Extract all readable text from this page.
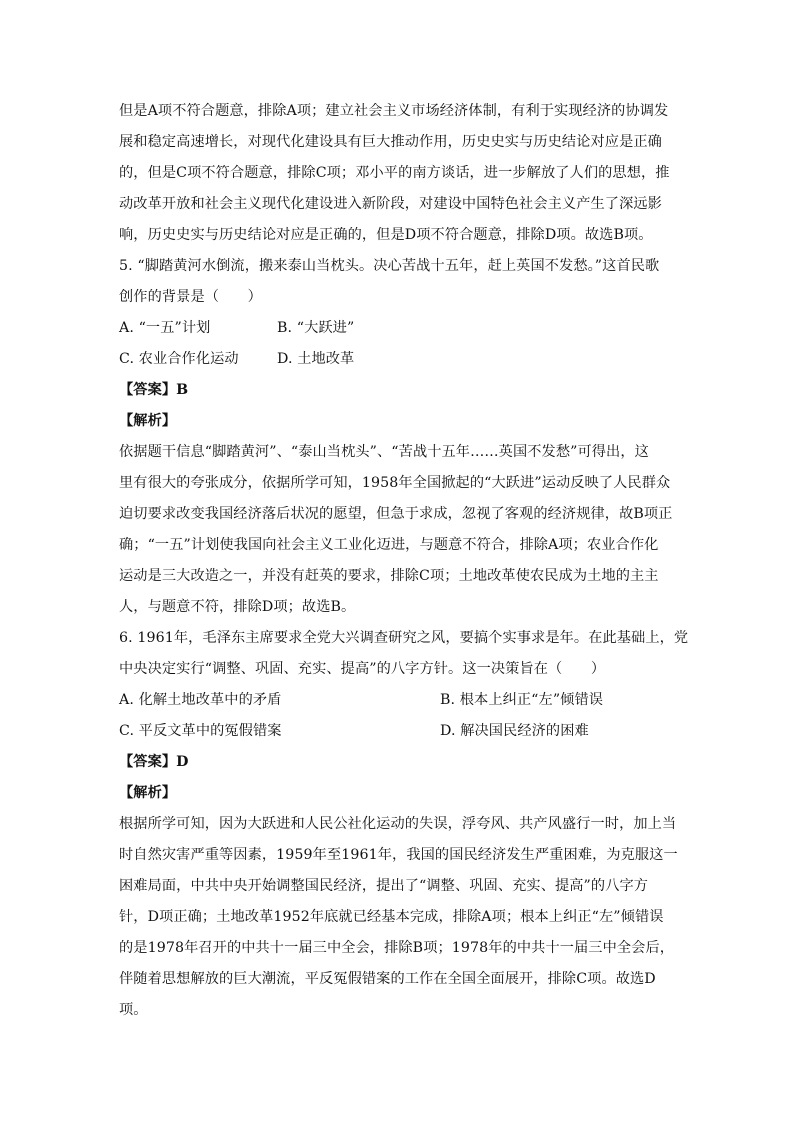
但是A项不符合题意，排除A项；建立社会主义市场经济体制，有利于实现经济的协调发
展和稳定高速增长，对现代化建设具有巨大推动作用，历史史实与历史结论对应是正确
的，但是C项不符合题意，排除C项；邓小平的南方谈话，进一步解放了人们的思想，推
动改革开放和社会主义现代化建设进入新阶段，对建设中国特色社会主义产生了深远影
响，历史史实与历史结论对应是正确的，但是D项不符合题意，排除D项。故选B项。
5. “脚踏黄河水倒流，搬来泰山当枕头。决心苦战十五年，赶上英国不发愁。”这首民歌
创作的背景是（　　）
A. “一五”计划	B. “大跃进”
C. 农业合作化运动	D. 土地改革
【答案】B
【解析】
依据题干信息“脚踏黄河”、“泰山当枕头”、“苦战十五年……英国不发愁”可得出，这
里有很大的夸张成分，依据所学可知，1958年全国掀起的“大跃进”运动反映了人民群众
迫切要求改变我国经济落后状况的愿望，但急于求成，忽视了客观的经济规律，故B项正
确；“一五”计划使我国向社会主义工业化迈进，与题意不符合，排除A项；农业合作化
运动是三大改造之一，并没有赶英的要求，排除C项；土地改革使农民成为土地的主主
人，与题意不符，排除D项；故选B。
6. 1961年，毛泽东主席要求全党大兴调查研究之风，要搞个实事求是年。在此基础上，党
中央决定实行“调整、巩固、充实、提高”的八字方针。这一决策旨在（　　）
A. 化解土地改革中的矛盾	B. 根本上纠正“左”倾错误
C. 平反文革中的冤假错案	D. 解决国民经济的困难
【答案】D
【解析】
根据所学可知，因为大跃进和人民公社化运动的失误，浮夸风、共产风盛行一时，加上当
时自然灾害严重等因素，1959年至1961年，我国的国民经济发生严重困难，为克服这一
困难局面，中共中央开始调整国民经济，提出了“调整、巩固、充实、提高”的八字方
针，D项正确；土地改革1952年底就已经基本完成，排除A项；根本上纠正“左”倾错误
的是1978年召开的中共十一届三中全会，排除B项；1978年的中共十一届三中全会后，
伴随着思想解放的巨大潮流，平反冤假错案的工作在全国全面展开，排除C项。故选D
项。
